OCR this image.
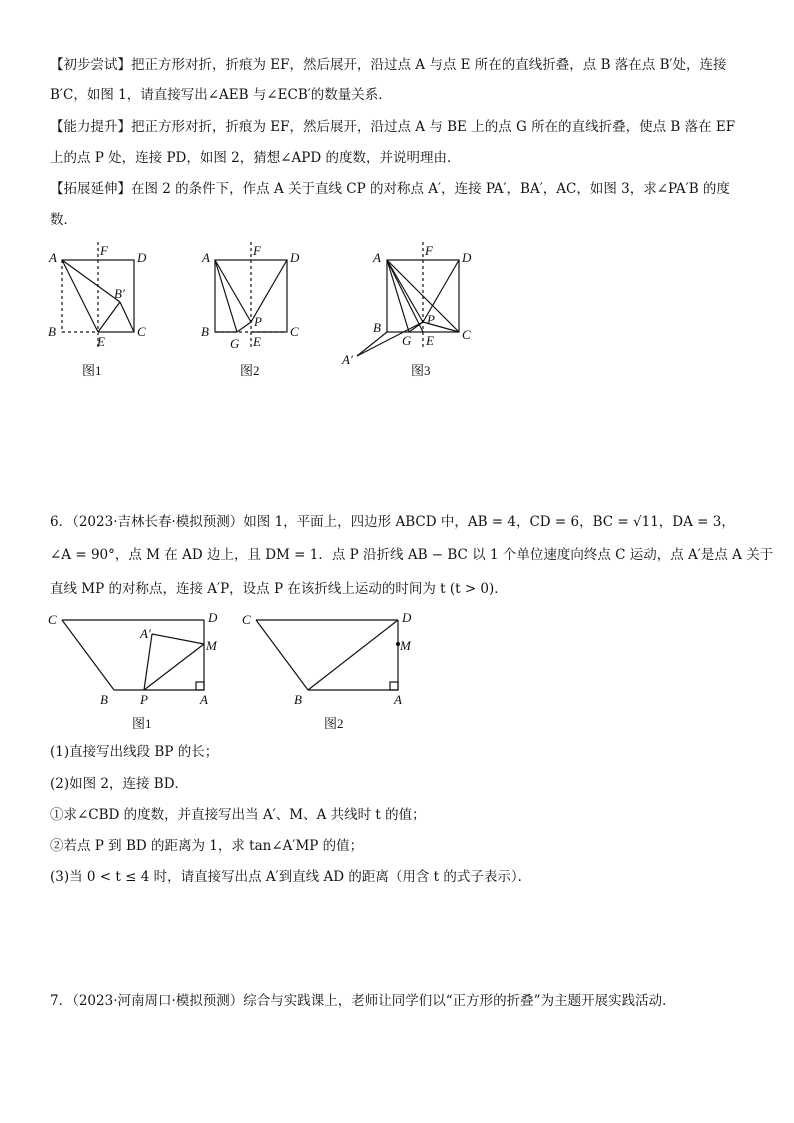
【初步尝试】把正方形对折，折痕为 EF，然后展开，沿过点 A 与点 E 所在的直线折叠，点 B 落在点 B′处，连接
B′C，如图 1，请直接写出∠AEB 与∠ECB′的数量关系．
【能力提升】把正方形对折，折痕为 EF，然后展开，沿过点 A 与 BE 上的点 G 所在的直线折叠，使点 B 落在 EF
上的点 P 处，连接 PD，如图 2，猜想∠APD 的度数，并说明理由．
【拓展延伸】在图 2 的条件下，作点 A 关于直线 CP 的对称点 A′，连接 PA′，BA′，AC，如图 3，求∠PA′B 的度
数．
A	F D
B′
B	C
E
图1
A	F D
P
B
G E
C
图2
A	F D
P
B
G E C
A′
图3
6．（2023·吉林长春·模拟预测）如图 1，平面上，四边形 ABCD 中，AB = 4，CD = 6，BC = √11，DA = 3，
∠A = 90°，点 M 在 AD 边上，且 DM = 1．点 P 沿折线 AB − BC 以 1 个单位速度向终点 C 运动，点 A′是点 A 关于
直线 MP 的对称点，连接 A′P，设点 P 在该折线上运动的时间为 t (t > 0)．
C	D
A′
M
B P	A
图1
C	D
M
B	A
图2
(1)直接写出线段 BP 的长；
(2)如图 2，连接 BD．
①求∠CBD 的度数，并直接写出当 A′、M、A 共线时 t 的值；
②若点 P 到 BD 的距离为 1，求 tan∠A′MP 的值；
(3)当 0 < t ≤ 4 时，请直接写出点 A′到直线 AD 的距离（用含 t 的式子表示）．
7．（2023·河南周口·模拟预测）综合与实践课上，老师让同学们以“正方形的折叠”为主题开展实践活动．
